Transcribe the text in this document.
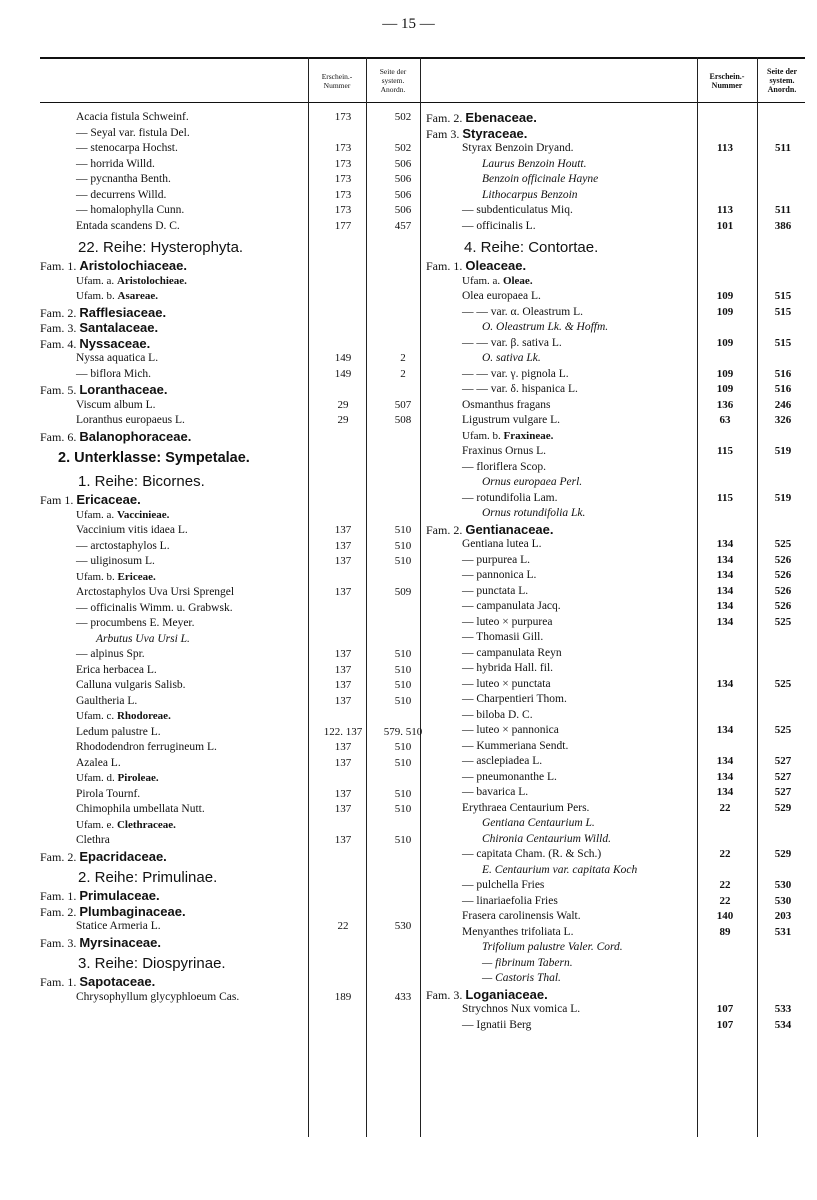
— 15 —
Erschein.-
Nummer
Seite der
system.
Anordn.
Erschein.-
Nummer
Seite der
system.
Anordn.
Acacia fistula Schweinf.	173	502
— Seyal var. fistula Del.
— stenocarpa Hochst.	173	502
— horrida Willd.	173	506
— pycnantha Benth.	173	506
— decurrens Willd.	173	506
— homalophylla Cunn.	173	506
Entada scandens D. C.	177	457
22. Reihe: Hysterophyta.
Fam. 1. Aristolochiaceae.
Ufam. a. Aristolochieae.
Ufam. b. Asareae.
Fam. 2. Rafflesiaceae.
Fam. 3. Santalaceae.
Fam. 4. Nyssaceae.
Nyssa aquatica L.	149	2
— biflora Mich.	149	2
Fam. 5. Loranthaceae.
Viscum album L.	29	507
Loranthus europaeus L.	29	508
Fam. 6. Balanophoraceae.
2. Unterklasse: Sympetalae.
1. Reihe: Bicornes.
Fam 1. Ericaceae.
Ufam. a. Vaccinieae.
Vaccinium vitis idaea L.	137	510
— arctostaphylos L.	137	510
— uliginosum L.	137	510
Ufam. b. Ericeae.
Arctostaphylos Uva Ursi Sprengel	137	509
— officinalis Wimm. u. Grabwsk.
— procumbens E. Meyer.
Arbutus Uva Ursi L.
— alpinus Spr.	137	510
Erica herbacea L.	137	510
Calluna vulgaris Salisb.	137	510
Gaultheria L.	137	510
Ufam. c. Rhodoreae.
Ledum palustre L.	122. 137	579. 510
Rhododendron ferrugineum L.	137	510
Azalea L.	137	510
Ufam. d. Piroleae.
Pirola Tournf.	137	510
Chimophila umbellata Nutt.	137	510
Ufam. e. Clethraceae.
Clethra	137	510
Fam. 2. Epacridaceae.
2. Reihe: Primulinae.
Fam. 1. Primulaceae.
Fam. 2. Plumbaginaceae.
Statice Armeria L.	22	530
Fam. 3. Myrsinaceae.
3. Reihe: Diospyrinae.
Fam. 1. Sapotaceae.
Chrysophyllum glycyphloeum Cas.	189	433
Fam. 2. Ebenaceae.
Fam 3. Styraceae.
Styrax Benzoin Dryand.	113	511
Laurus Benzoin Houtt.
Benzoin officinale Hayne
Lithocarpus Benzoin
— subdenticulatus Miq.	113	511
— officinalis L.	101	386
4. Reihe: Contortae.
Fam. 1. Oleaceae.
Ufam. a. Oleae.
Olea europaea L.	109	515
— — var. α. Oleastrum L.	109	515
O. Oleastrum Lk. & Hoffm.
— — var. β. sativa L.	109	515
O. sativa Lk.
— — var. γ. pignola L.	109	516
— — var. δ. hispanica L.	109	516
Osmanthus fragans	136	246
Ligustrum vulgare L.	63	326
Ufam. b. Fraxineae.
Fraxinus Ornus L.	115	519
— floriflera Scop.
Ornus europaea Perl.
— rotundifolia Lam.	115	519
Ornus rotundifolia Lk.
Fam. 2. Gentianaceae.
Gentiana lutea L.	134	525
— purpurea L.	134	526
— pannonica L.	134	526
— punctata L.	134	526
— campanulata Jacq.	134	526
— luteo × purpurea	134	525
— Thomasii Gill.
— campanulata Reyn
— hybrida Hall. fil.
— luteo × punctata	134	525
— Charpentieri Thom.
— biloba D. C.
— luteo × pannonica	134	525
— Kummeriana Sendt.
— asclepiadea L.	134	527
— pneumonanthe L.	134	527
— bavarica L.	134	527
Erythraea Centaurium Pers.	22	529
Gentiana Centaurium L.
Chironia Centaurium Willd.
— capitata Cham. (R. & Sch.)	22	529
E. Centaurium var. capitata Koch
— pulchella Fries	22	530
— linariaefolia Fries	22	530
Frasera carolinensis Walt.	140	203
Menyanthes trifoliata L.	89	531
Trifolium palustre Valer. Cord.
— fibrinum Tabern.
— Castoris Thal.
Fam. 3. Loganiaceae.
Strychnos Nux vomica L.	107	533
— Ignatii Berg	107	534
